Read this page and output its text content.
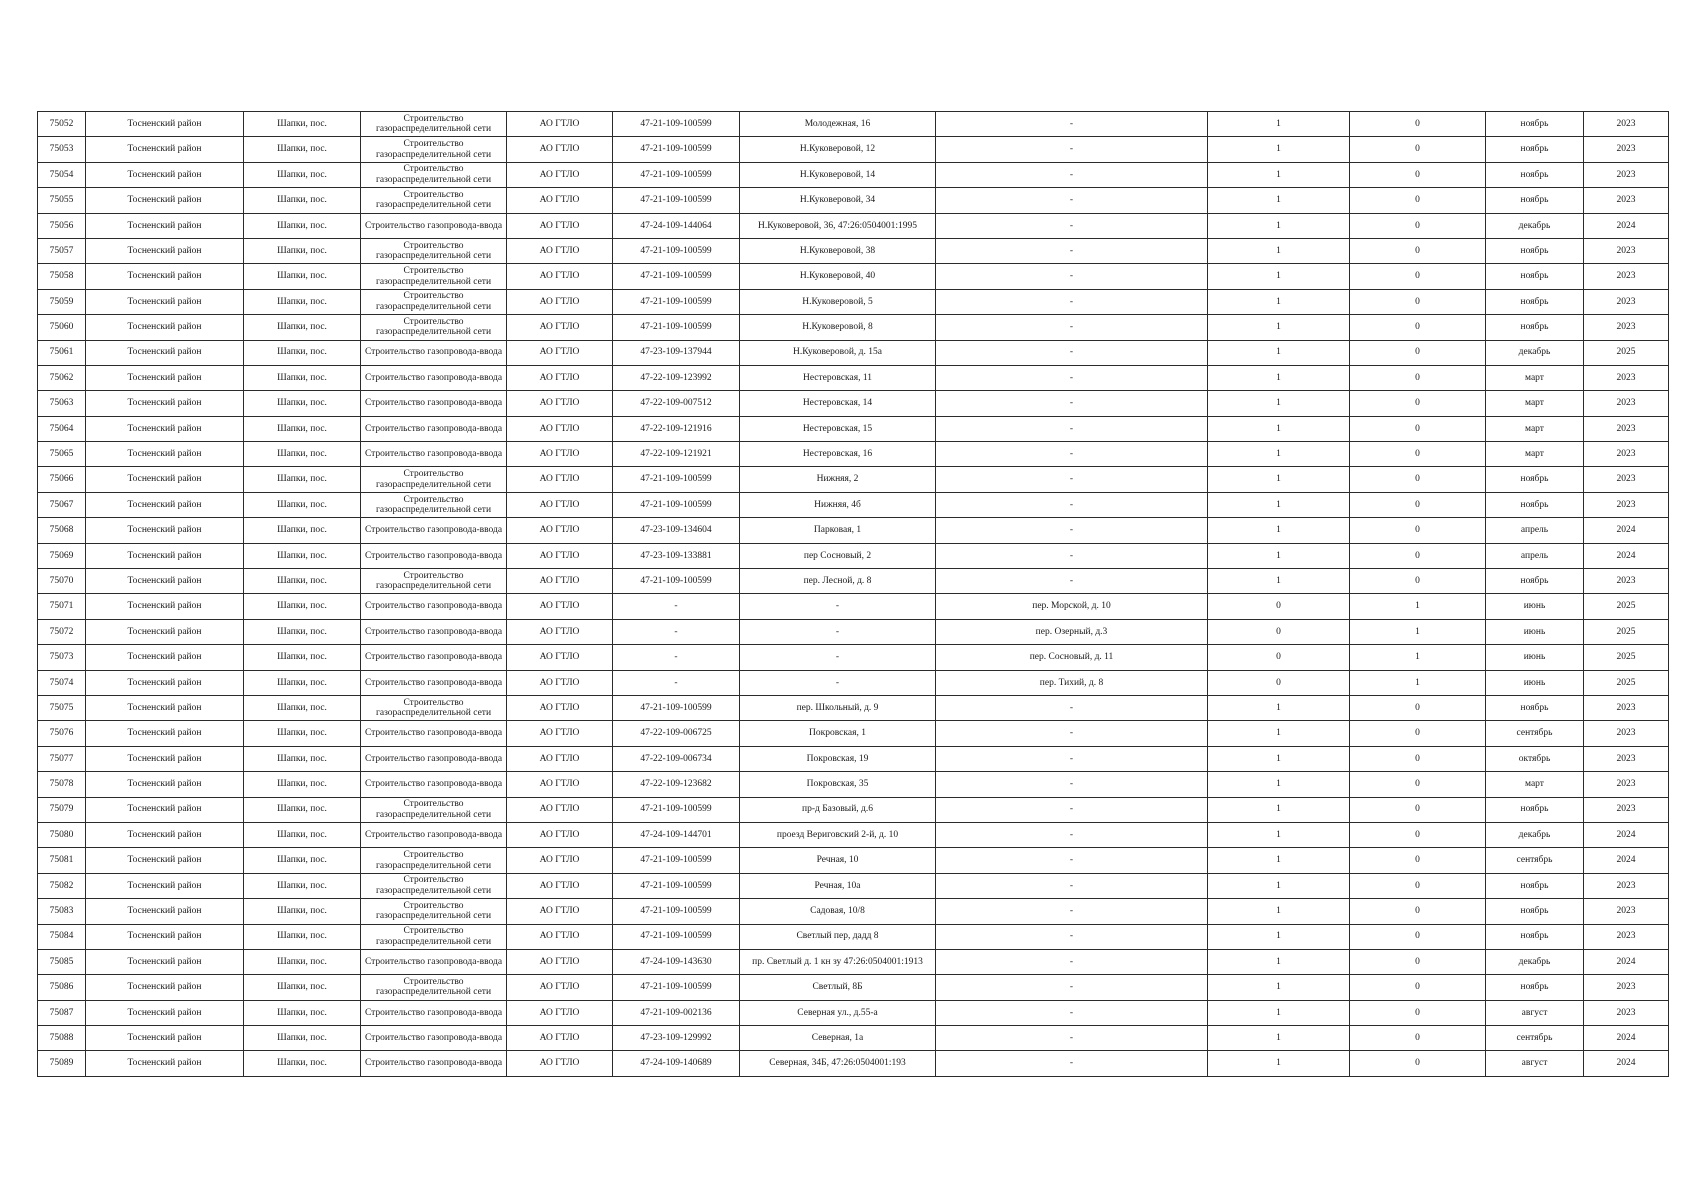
75052	Тосненский район	Шапки, пос.	Строительство газораспределительной сети	АО ГТЛО	47-21-109-100599	Молодежная, 16	-	1	0	ноябрь	2023
75053	Тосненский район	Шапки, пос.	Строительство газораспределительной сети	АО ГТЛО	47-21-109-100599	Н.Куковеровой, 12	-	1	0	ноябрь	2023
75054	Тосненский район	Шапки, пос.	Строительство газораспределительной сети	АО ГТЛО	47-21-109-100599	Н.Куковеровой, 14	-	1	0	ноябрь	2023
75055	Тосненский район	Шапки, пос.	Строительство газораспределительной сети	АО ГТЛО	47-21-109-100599	Н.Куковеровой, 34	-	1	0	ноябрь	2023
75056	Тосненский район	Шапки, пос.	Строительство газопровода-ввода	АО ГТЛО	47-24-109-144064	Н.Куковеровой, 36, 47:26:0504001:1995	-	1	0	декабрь	2024
75057	Тосненский район	Шапки, пос.	Строительство газораспределительной сети	АО ГТЛО	47-21-109-100599	Н.Куковеровой, 38	-	1	0	ноябрь	2023
75058	Тосненский район	Шапки, пос.	Строительство газораспределительной сети	АО ГТЛО	47-21-109-100599	Н.Куковеровой, 40	-	1	0	ноябрь	2023
75059	Тосненский район	Шапки, пос.	Строительство газораспределительной сети	АО ГТЛО	47-21-109-100599	Н.Куковеровой, 5	-	1	0	ноябрь	2023
75060	Тосненский район	Шапки, пос.	Строительство газораспределительной сети	АО ГТЛО	47-21-109-100599	Н.Куковеровой, 8	-	1	0	ноябрь	2023
75061	Тосненский район	Шапки, пос.	Строительство газопровода-ввода	АО ГТЛО	47-23-109-137944	Н.Куковеровой, д. 15а	-	1	0	декабрь	2025
75062	Тосненский район	Шапки, пос.	Строительство газопровода-ввода	АО ГТЛО	47-22-109-123992	Нестеровская, 11	-	1	0	март	2023
75063	Тосненский район	Шапки, пос.	Строительство газопровода-ввода	АО ГТЛО	47-22-109-007512	Нестеровская, 14	-	1	0	март	2023
75064	Тосненский район	Шапки, пос.	Строительство газопровода-ввода	АО ГТЛО	47-22-109-121916	Нестеровская, 15	-	1	0	март	2023
75065	Тосненский район	Шапки, пос.	Строительство газопровода-ввода	АО ГТЛО	47-22-109-121921	Нестеровская, 16	-	1	0	март	2023
75066	Тосненский район	Шапки, пос.	Строительство газораспределительной сети	АО ГТЛО	47-21-109-100599	Нижняя, 2	-	1	0	ноябрь	2023
75067	Тосненский район	Шапки, пос.	Строительство газораспределительной сети	АО ГТЛО	47-21-109-100599	Нижняя, 4б	-	1	0	ноябрь	2023
75068	Тосненский район	Шапки, пос.	Строительство газопровода-ввода	АО ГТЛО	47-23-109-134604	Парковая, 1	-	1	0	апрель	2024
75069	Тосненский район	Шапки, пос.	Строительство газопровода-ввода	АО ГТЛО	47-23-109-133881	пер Сосновый, 2	-	1	0	апрель	2024
75070	Тосненский район	Шапки, пос.	Строительство газораспределительной сети	АО ГТЛО	47-21-109-100599	пер. Лесной, д. 8	-	1	0	ноябрь	2023
75071	Тосненский район	Шапки, пос.	Строительство газопровода-ввода	АО ГТЛО	-	-	пер. Морской, д. 10	0	1	июнь	2025
75072	Тосненский район	Шапки, пос.	Строительство газопровода-ввода	АО ГТЛО	-	-	пер. Озерный, д.3	0	1	июнь	2025
75073	Тосненский район	Шапки, пос.	Строительство газопровода-ввода	АО ГТЛО	-	-	пер. Сосновый, д. 11	0	1	июнь	2025
75074	Тосненский район	Шапки, пос.	Строительство газопровода-ввода	АО ГТЛО	-	-	пер. Тихий, д. 8	0	1	июнь	2025
75075	Тосненский район	Шапки, пос.	Строительство газораспределительной сети	АО ГТЛО	47-21-109-100599	пер. Школьный, д. 9	-	1	0	ноябрь	2023
75076	Тосненский район	Шапки, пос.	Строительство газопровода-ввода	АО ГТЛО	47-22-109-006725	Покровская, 1	-	1	0	сентябрь	2023
75077	Тосненский район	Шапки, пос.	Строительство газопровода-ввода	АО ГТЛО	47-22-109-006734	Покровская, 19	-	1	0	октябрь	2023
75078	Тосненский район	Шапки, пос.	Строительство газопровода-ввода	АО ГТЛО	47-22-109-123682	Покровская, 35	-	1	0	март	2023
75079	Тосненский район	Шапки, пос.	Строительство газораспределительной сети	АО ГТЛО	47-21-109-100599	пр-д Базовый, д.6	-	1	0	ноябрь	2023
75080	Тосненский район	Шапки, пос.	Строительство газопровода-ввода	АО ГТЛО	47-24-109-144701	проезд Вериговский 2-й, д. 10	-	1	0	декабрь	2024
75081	Тосненский район	Шапки, пос.	Строительство газораспределительной сети	АО ГТЛО	47-21-109-100599	Речная, 10	-	1	0	сентябрь	2024
75082	Тосненский район	Шапки, пос.	Строительство газораспределительной сети	АО ГТЛО	47-21-109-100599	Речная, 10а	-	1	0	ноябрь	2023
75083	Тосненский район	Шапки, пос.	Строительство газораспределительной сети	АО ГТЛО	47-21-109-100599	Садовая, 10/8	-	1	0	ноябрь	2023
75084	Тосненский район	Шапки, пос.	Строительство газораспределительной сети	АО ГТЛО	47-21-109-100599	Светлый пер, дадд 8	-	1	0	ноябрь	2023
75085	Тосненский район	Шапки, пос.	Строительство газопровода-ввода	АО ГТЛО	47-24-109-143630	пр. Светлый д. 1 кн зу 47:26:0504001:1913	-	1	0	декабрь	2024
75086	Тосненский район	Шапки, пос.	Строительство газораспределительной сети	АО ГТЛО	47-21-109-100599	Светлый, 8Б	-	1	0	ноябрь	2023
75087	Тосненский район	Шапки, пос.	Строительство газопровода-ввода	АО ГТЛО	47-21-109-002136	Северная ул., д.55-а	-	1	0	август	2023
75088	Тосненский район	Шапки, пос.	Строительство газопровода-ввода	АО ГТЛО	47-23-109-129992	Северная, 1а	-	1	0	сентябрь	2024
75089	Тосненский район	Шапки, пос.	Строительство газопровода-ввода	АО ГТЛО	47-24-109-140689	Северная, 34Б, 47:26:0504001:193	-	1	0	август	2024
